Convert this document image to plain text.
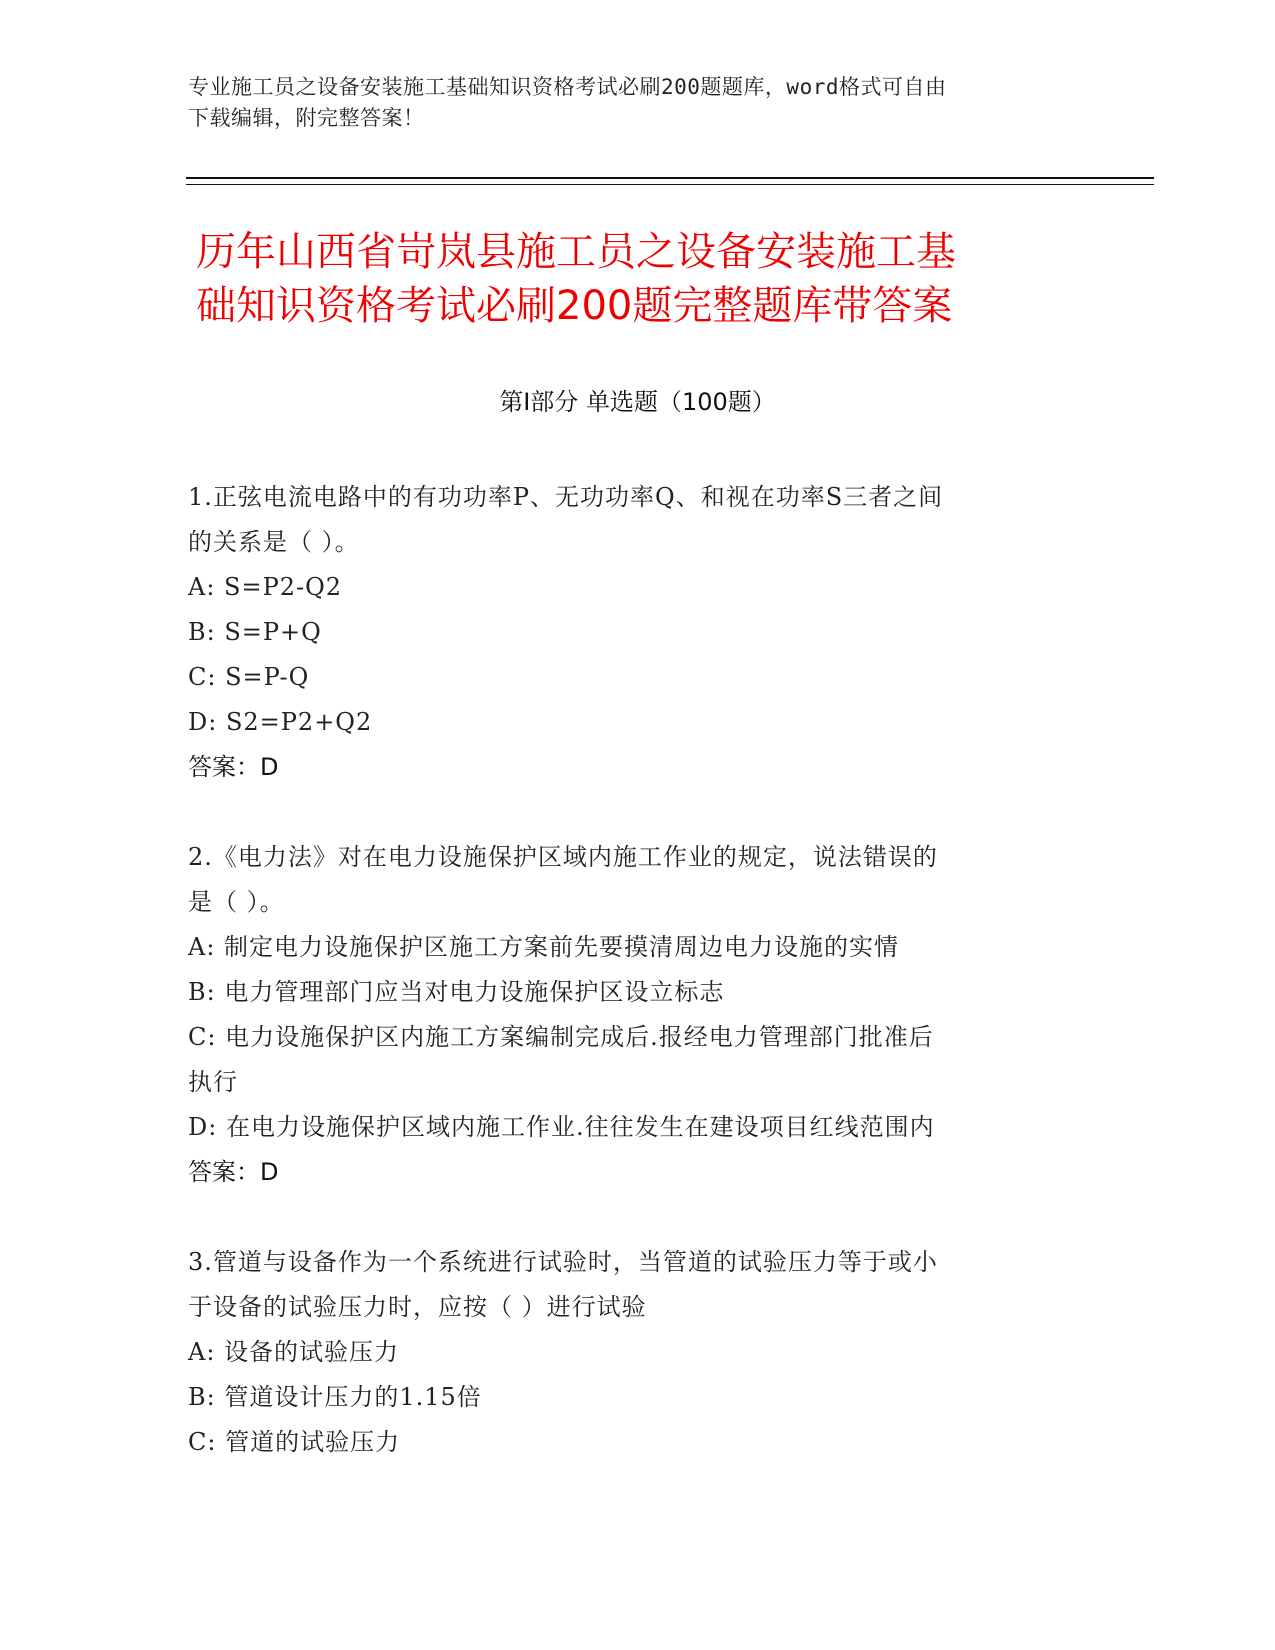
专业施工员之设备安装施工基础知识资格考试必刷200题题库，word格式可自由
下载编辑，附完整答案！
历年山西省岢岚县施工员之设备安装施工基
础知识资格考试必刷200题完整题库带答案
第Ⅰ部分 单选题（100题）
1.正弦电流电路中的有功功率P、无功功率Q、和视在功率S三者之间
的关系是（ ）。
A: S=P2-Q2
B: S=P+Q
C: S=P-Q
D: S2=P2+Q2
答案：D
2.《电力法》对在电力设施保护区域内施工作业的规定，说法错误的
是（ ）。
A: 制定电力设施保护区施工方案前先要摸清周边电力设施的实情
B: 电力管理部门应当对电力设施保护区设立标志
C: 电力设施保护区内施工方案编制完成后.报经电力管理部门批准后
执行
D: 在电力设施保护区域内施工作业.往往发生在建设项目红线范围内
答案：D
3.管道与设备作为一个系统进行试验时，当管道的试验压力等于或小
于设备的试验压力时，应按（ ）进行试验
A: 设备的试验压力
B: 管道设计压力的1.15倍
C: 管道的试验压力
